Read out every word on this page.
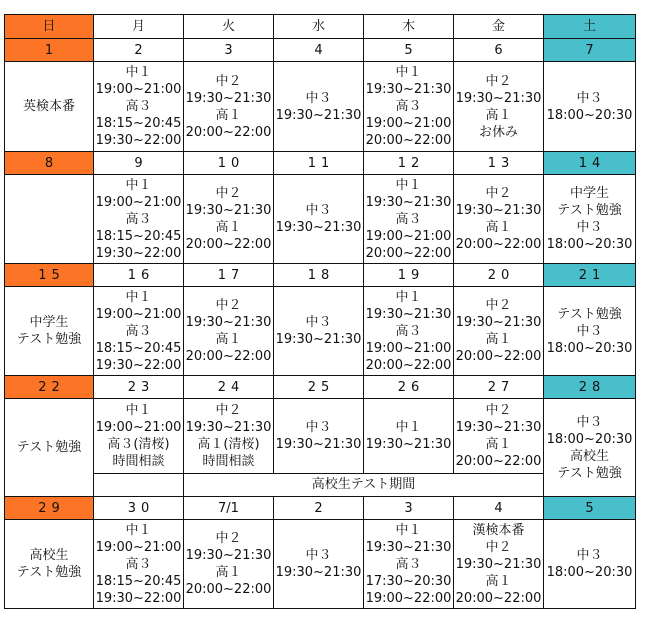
日	月	火	水	木	金	土
1	2	3	4	5	6	7
英検本番	中１
19:00~21:00
高３
18:15~20:45
19:30~22:00	中２
19:30~21:30
高１
20:00~22:00	中３
19:30~21:30	中１
19:30~21:30
高３
19:00~21:00
20:00~22:00	中２
19:30~21:30
高１
お休み	中３
18:00~20:30
8	9	10	11	12	13	14
	中１
19:00~21:00
高３
18:15~20:45
19:30~22:00	中２
19:30~21:30
高１
20:00~22:00	中３
19:30~21:30	中１
19:30~21:30
高３
19:00~21:00
20:00~22:00	中２
19:30~21:30
高１
20:00~22:00	中学生
テスト勉強
中３
18:00~20:30
15	16	17	18	19	20	21
中学生
テスト勉強	中１
19:00~21:00
高３
18:15~20:45
19:30~22:00	中２
19:30~21:30
高１
20:00~22:00	中３
19:30~21:30	中１
19:30~21:30
高３
19:00~21:00
20:00~22:00	中２
19:30~21:30
高１
20:00~22:00	テスト勉強
中３
18:00~20:30
22	23	24	25	26	27	28
テスト勉強	中１
19:00~21:00
高３(清桜)
時間相談	中２
19:30~21:30
高１(清桜)
時間相談	中３
19:30~21:30	中１
19:30~21:30	中２
19:30~21:30
高１
20:00~22:00	中３
18:00~20:30
高校生
テスト勉強
		高校生テスト期間				
29	30	7/1	2	3	4	5
高校生
テスト勉強	中１
19:00~21:00
高３
18:15~20:45
19:30~22:00	中２
19:30~21:30
高１
20:00~22:00	中３
19:30~21:30	中１
19:30~21:30
高３
17:30~20:30
19:00~22:00	漢検本番
中２
19:30~21:30
高１
20:00~22:00	中３
18:00~20:30
